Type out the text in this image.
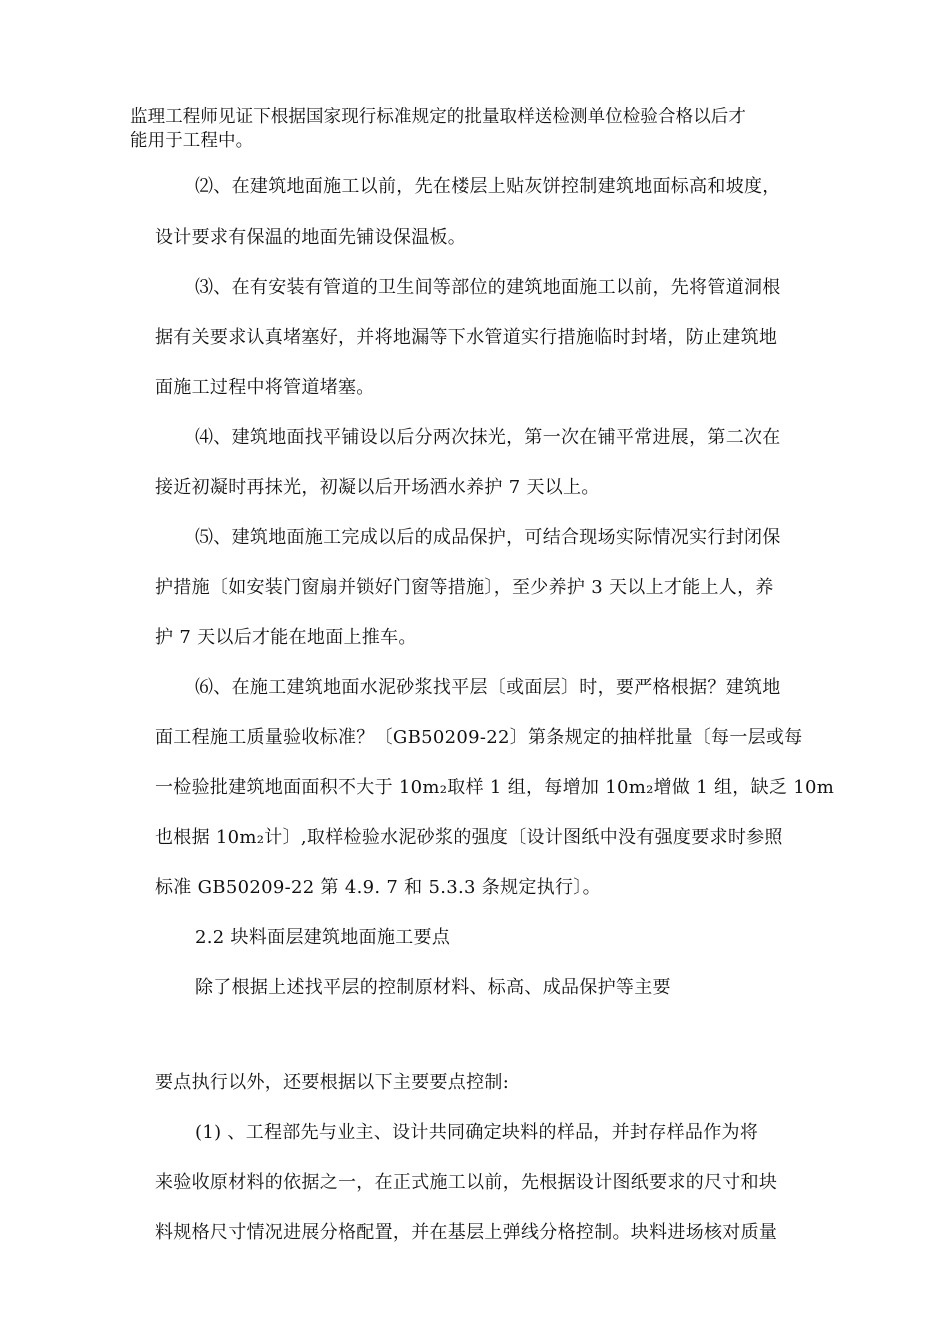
监理工程师见证下根据国家现行标准规定的批量取样送检测单位检验合格以后才
能用于工程中。
⑵、在建筑地面施工以前，先在楼层上贴灰饼控制建筑地面标高和坡度，
设计要求有保温的地面先铺设保温板。
⑶、在有安装有管道的卫生间等部位的建筑地面施工以前，先将管道洞根
据有关要求认真堵塞好，并将地漏等下水管道实行措施临时封堵，防止建筑地
面施工过程中将管道堵塞。
⑷、建筑地面找平铺设以后分两次抹光，第一次在铺平常进展，第二次在
接近初凝时再抹光，初凝以后开场洒水养护 7 天以上。
⑸、建筑地面施工完成以后的成品保护，可结合现场实际情况实行封闭保
护措施〔如安装门窗扇并锁好门窗等措施〕，至少养护 3 天以上才能上人，养
护 7 天以后才能在地面上推车。
⑹、在施工建筑地面水泥砂浆找平层〔或面层〕时，要严格根据？建筑地
面工程施工质量验收标准？〔GB50209-22〕第条规定的抽样批量〔每一层或每
一检验批建筑地面面积不大于 10m₂取样 1 组，每增加 10m₂增做 1 组，缺乏 10m
也根据 10m₂计〕,取样检验水泥砂浆的强度〔设计图纸中没有强度要求时参照
标准 GB50209-22 第 4.9. 7 和 5.3.3 条规定执行〕。
2.2 块料面层建筑地面施工要点
除了根据上述找平层的控制原材料、标高、成品保护等主要
要点执行以外，还要根据以下主要要点控制:
(1) 、工程部先与业主、设计共同确定块料的样品，并封存样品作为将
来验收原材料的依据之一，在正式施工以前，先根据设计图纸要求的尺寸和块
料规格尺寸情况进展分格配置，并在基层上弹线分格控制。块料进场核对质量
